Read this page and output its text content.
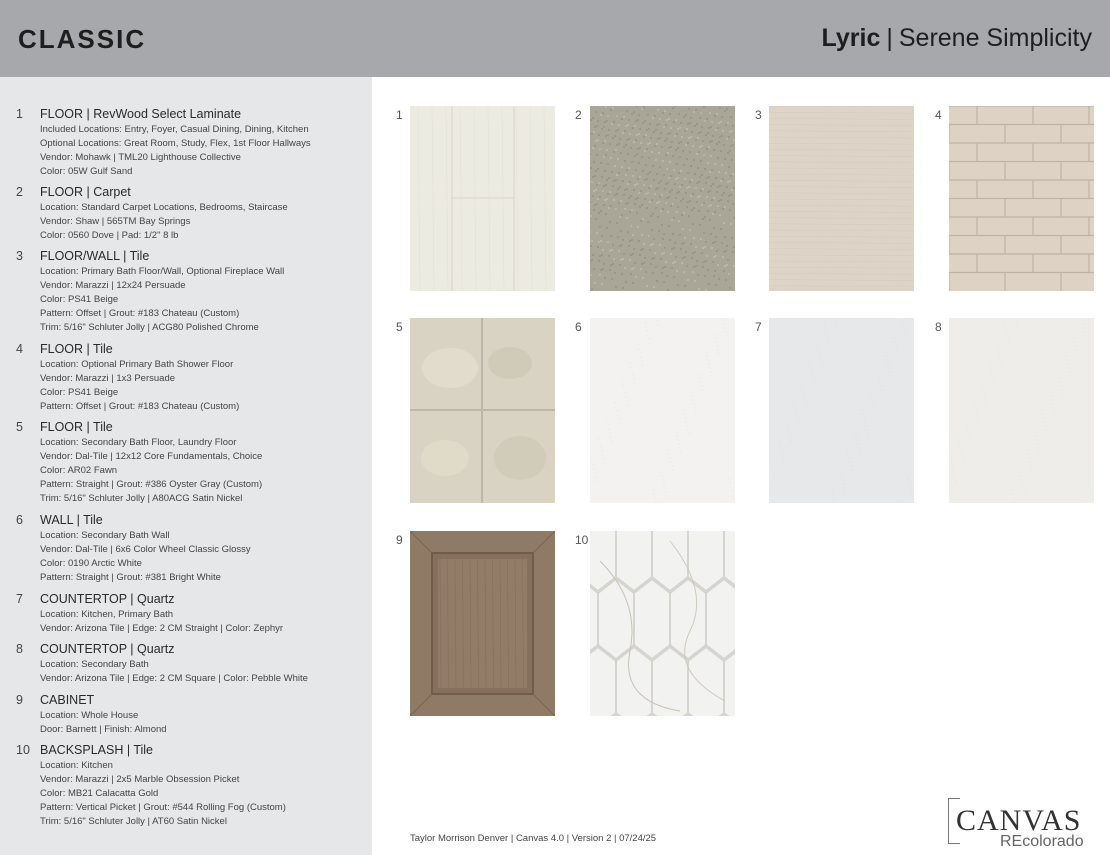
CLASSIC	Lyric | Serene Simplicity
1 FLOOR | RevWood Select Laminate
Included Locations: Entry, Foyer, Casual Dining, Dining, Kitchen
Optional Locations: Great Room, Study, Flex, 1st Floor Hallways
Vendor: Mohawk | TML20 Lighthouse Collective
Color: 05W Gulf Sand
2 FLOOR | Carpet
Location: Standard Carpet Locations, Bedrooms, Staircase
Vendor: Shaw | 565TM Bay Springs
Color: 0560 Dove | Pad: 1/2" 8 lb
3 FLOOR/WALL | Tile
Location: Primary Bath Floor/Wall, Optional Fireplace Wall
Vendor: Marazzi | 12x24 Persuade
Color: PS41 Beige
Pattern: Offset | Grout: #183 Chateau (Custom)
Trim: 5/16" Schluter Jolly | ACG80 Polished Chrome
4 FLOOR | Tile
Location: Optional Primary Bath Shower Floor
Vendor: Marazzi | 1x3 Persuade
Color: PS41 Beige
Pattern: Offset | Grout: #183 Chateau (Custom)
5 FLOOR | Tile
Location: Secondary Bath Floor, Laundry Floor
Vendor: Dal-Tile | 12x12 Core Fundamentals, Choice
Color: AR02 Fawn
Pattern: Straight | Grout: #386 Oyster Gray (Custom)
Trim: 5/16" Schluter Jolly | A80ACG Satin Nickel
6 WALL | Tile
Location: Secondary Bath Wall
Vendor: Dal-Tile | 6x6 Color Wheel Classic Glossy
Color: 0190 Arctic White
Pattern: Straight | Grout: #381 Bright White
7 COUNTERTOP | Quartz
Location: Kitchen, Primary Bath
Vendor: Arizona Tile | Edge: 2 CM Straight | Color: Zephyr
8 COUNTERTOP | Quartz
Location: Secondary Bath
Vendor: Arizona Tile | Edge: 2 CM Square | Color: Pebble White
9 CABINET
Location: Whole House
Door: Barnett | Finish: Almond
10 BACKSPLASH | Tile
Location: Kitchen
Vendor: Marazzi | 2x5 Marble Obsession Picket
Color: MB21 Calacatta Gold
Pattern: Vertical Picket | Grout: #544 Rolling Fog (Custom)
Trim: 5/16" Schluter Jolly | AT60 Satin Nickel
1	2	3	4
5	6	7	8
9	10
Taylor Morrison Denver | Canvas 4.0 | Version 2 | 07/24/25
CANVAS
REcolorado
